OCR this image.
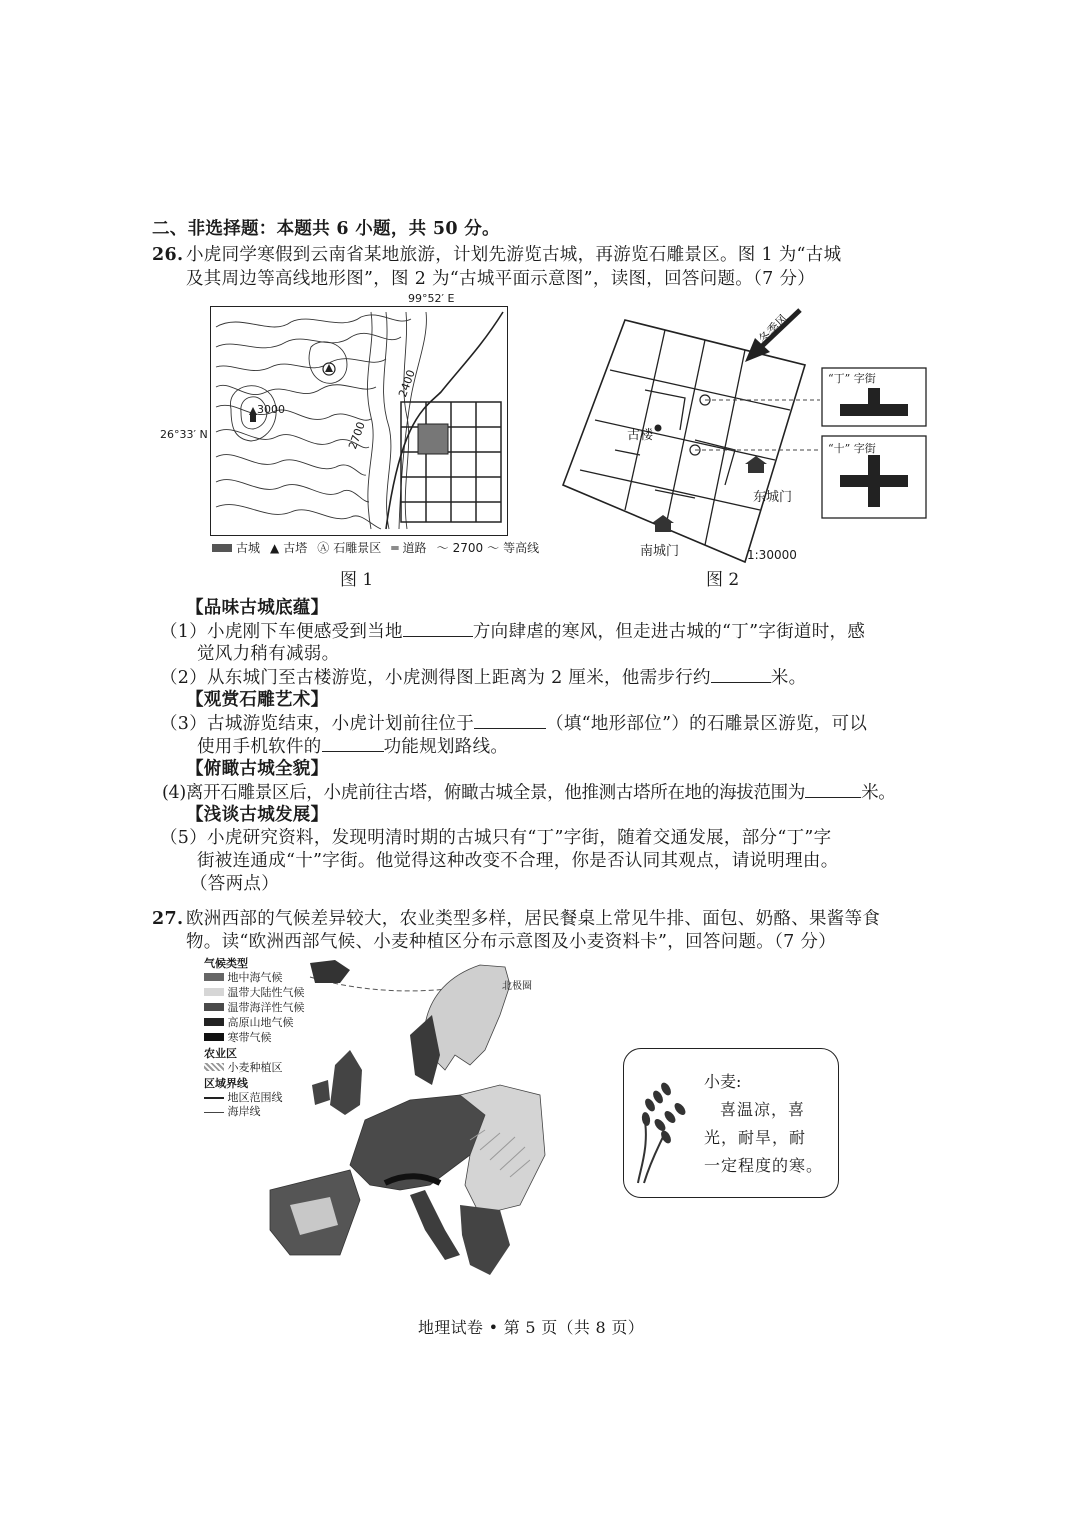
二、非选择题：本题共 6 小题，共 50 分。
26. 小虎同学寒假到云南省某地旅游，计划先游览古城，再游览石雕景区。图 1 为“古城
及其周边等高线地形图”，图 2 为“古城平面示意图”，读图，回答问题。（7 分）
99°52′ E
26°33′ N
3000
2700
2400
古城 ▲ 古塔 Ⓐ 石雕景区 ═ 道路 ～ 2700 ～ 等高线
图 1
冬季风
古楼
东城门
南城门	1:30000
“丁” 字街
“十” 字街
图 2
【品味古城底蕴】
（1）小虎刚下车便感受到当地	方向肆虐的寒风，但走进古城的“丁”字街道时，感
觉风力稍有减弱。
（2）从东城门至古楼游览，小虎测得图上距离为 2 厘米，他需步行约	米。
【观赏石雕艺术】
（3）古城游览结束，小虎计划前往位于	（填“地形部位”）的石雕景区游览，可以
使用手机软件的	功能规划路线。
【俯瞰古城全貌】
(4)离开石雕景区后，小虎前往古塔，俯瞰古城全景，他推测古塔所在地的海拔范围为	米。
【浅谈古城发展】
（5）小虎研究资料，发现明清时期的古城只有“丁”字街，随着交通发展，部分“丁”字
街被连通成“十”字街。他觉得这种改变不合理，你是否认同其观点，请说明理由。
（答两点）
27. 欧洲西部的气候差异较大，农业类型多样，居民餐桌上常见牛排、面包、奶酪、果酱等食
物。读“欧洲西部气候、小麦种植区分布示意图及小麦资料卡”，回答问题。（7 分）
气候类型
地中海气候
温带大陆性气候
温带海洋性气候
高原山地气候
寒带气候
农业区
小麦种植区
区域界线
地区范围线
海岸线
北极圈
小麦:
喜温凉，喜
光，耐旱，耐
一定程度的寒。
地理试卷 • 第 5 页（共 8 页）
